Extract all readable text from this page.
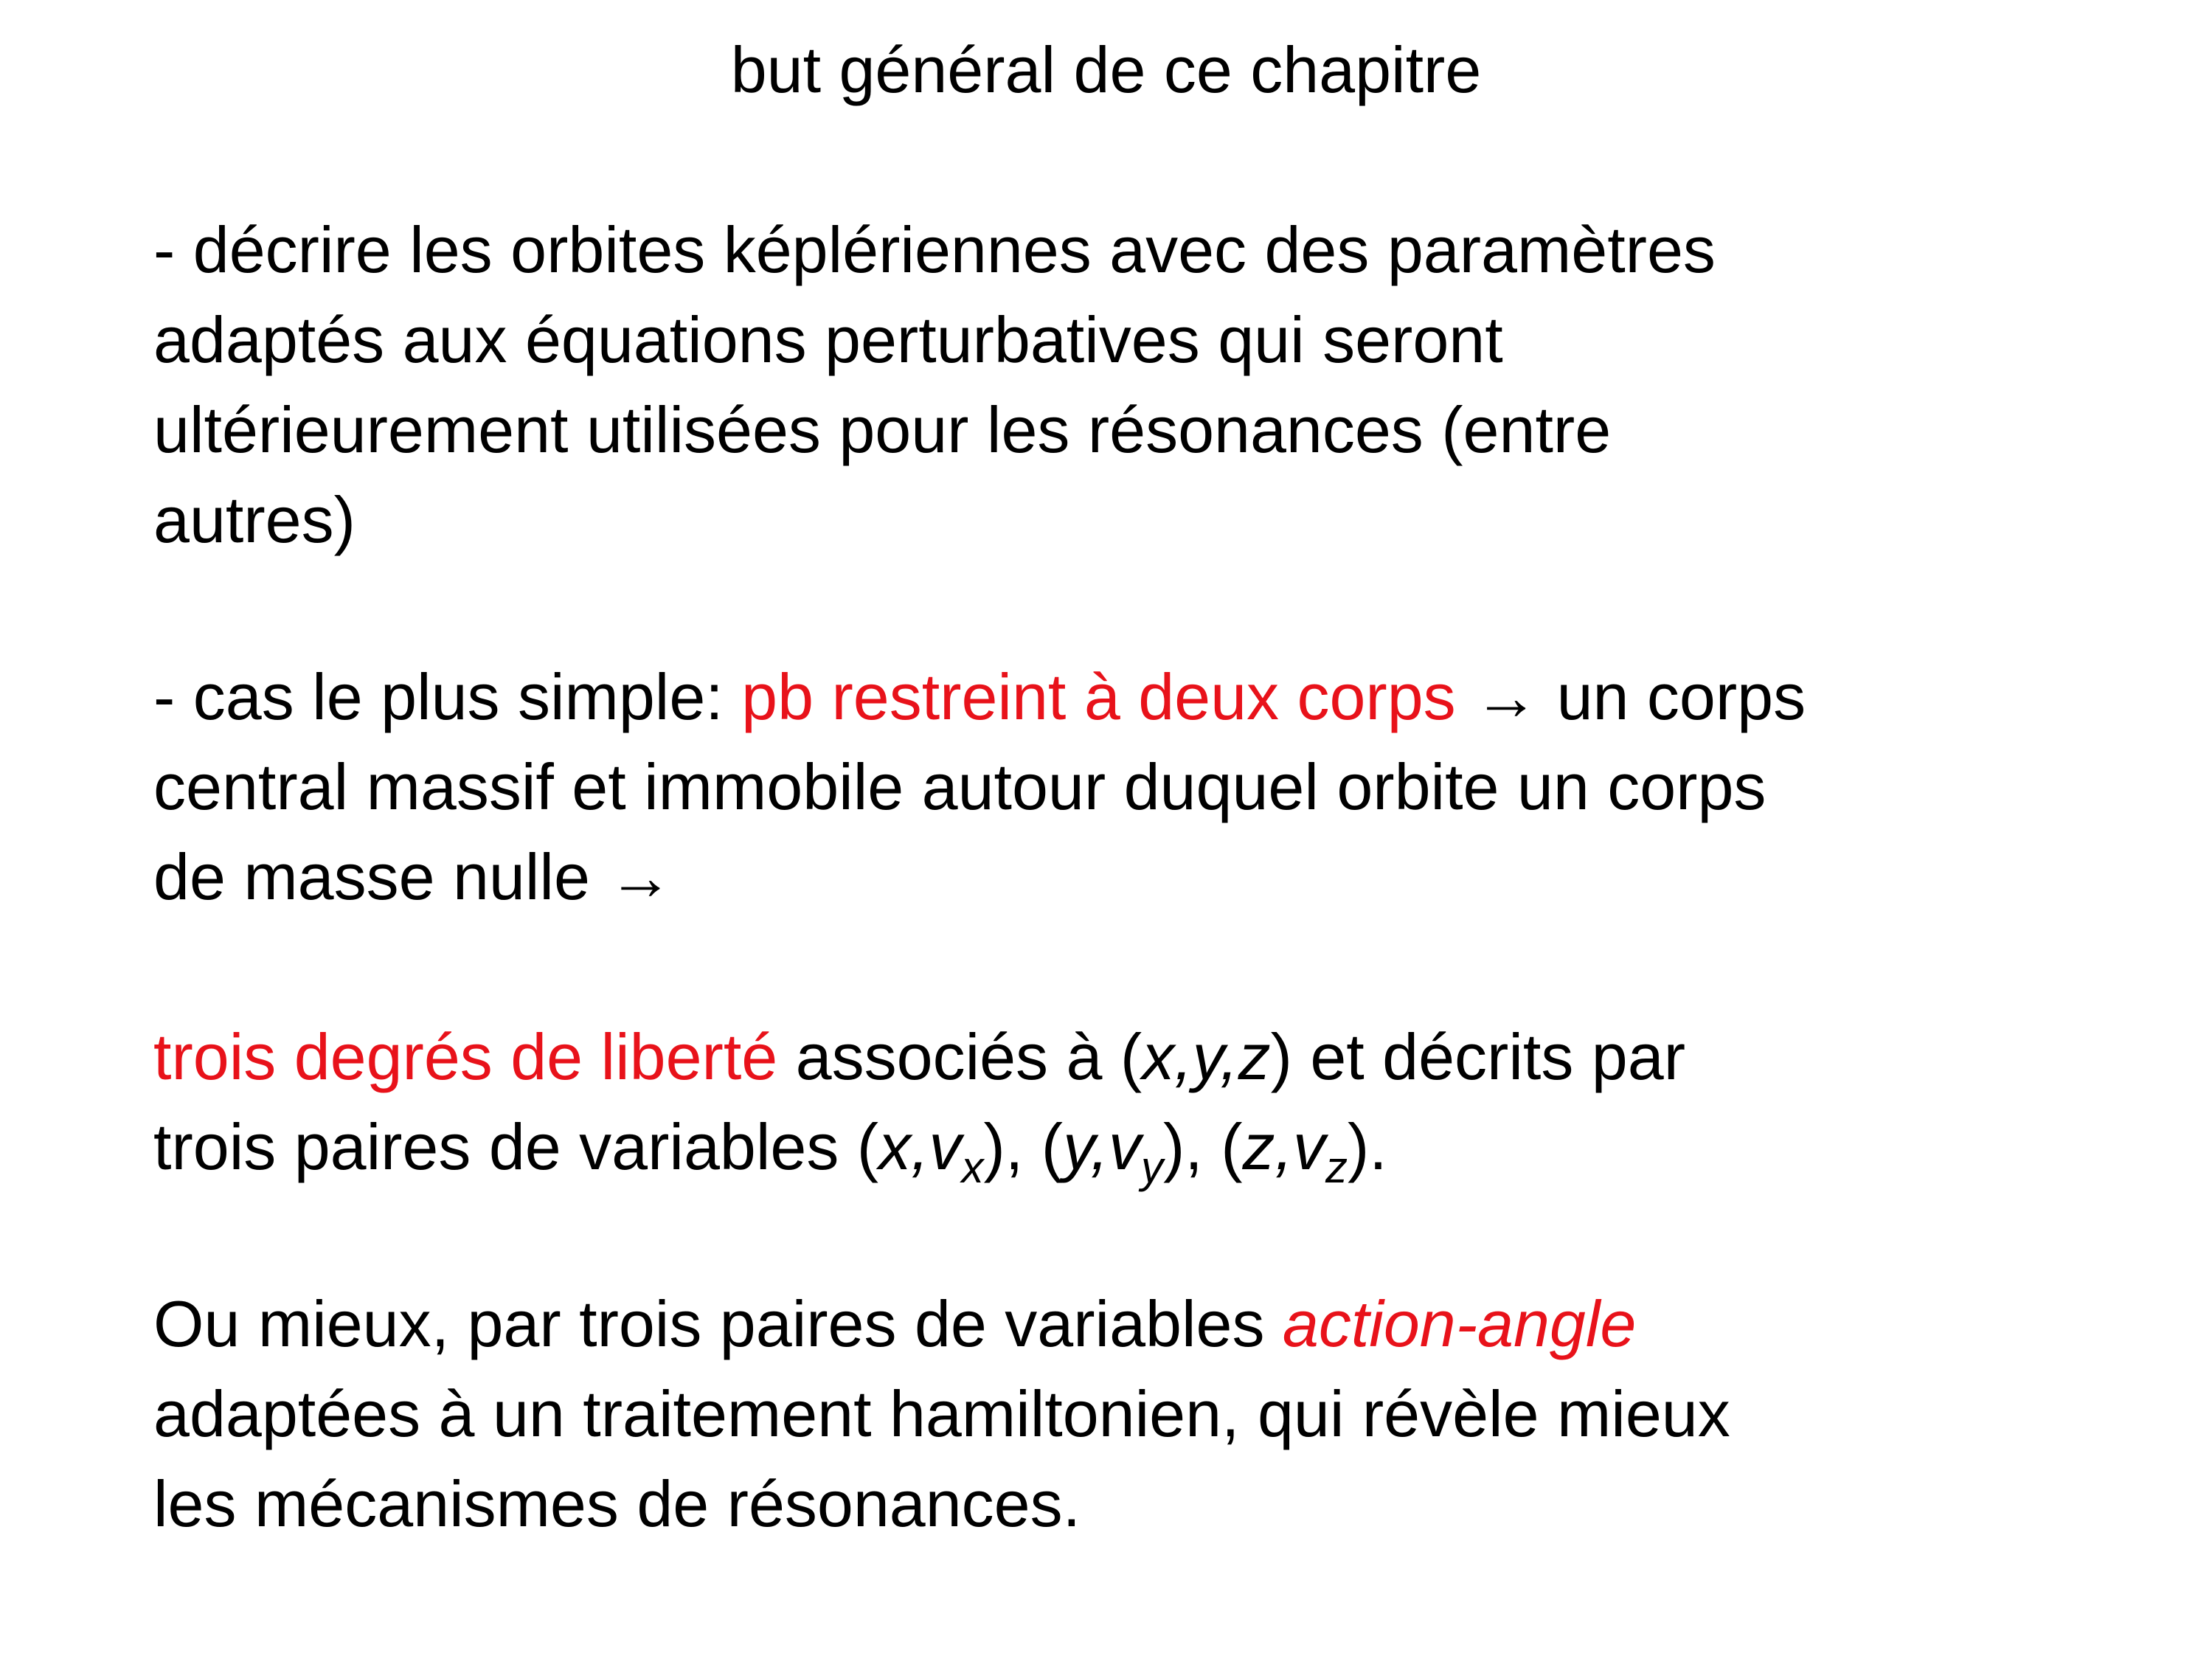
but général de ce chapitre
- décrire les orbites képlériennes avec des paramètres
adaptés aux équations perturbatives qui seront
ultérieurement utilisées pour les résonances (entre
autres)
- cas le plus simple: pb restreint à deux corps → un corps
central massif et immobile autour duquel orbite un corps
de masse nulle →
trois degrés de liberté associés à (x,y,z) et décrits par
trois paires de variables $(x,v_x)$, $(y,v_y)$, $(z,v_z)$.
Ou mieux, par trois paires de variables action-angle
adaptées à un traitement hamiltonien, qui révèle mieux
les mécanismes de résonances.
